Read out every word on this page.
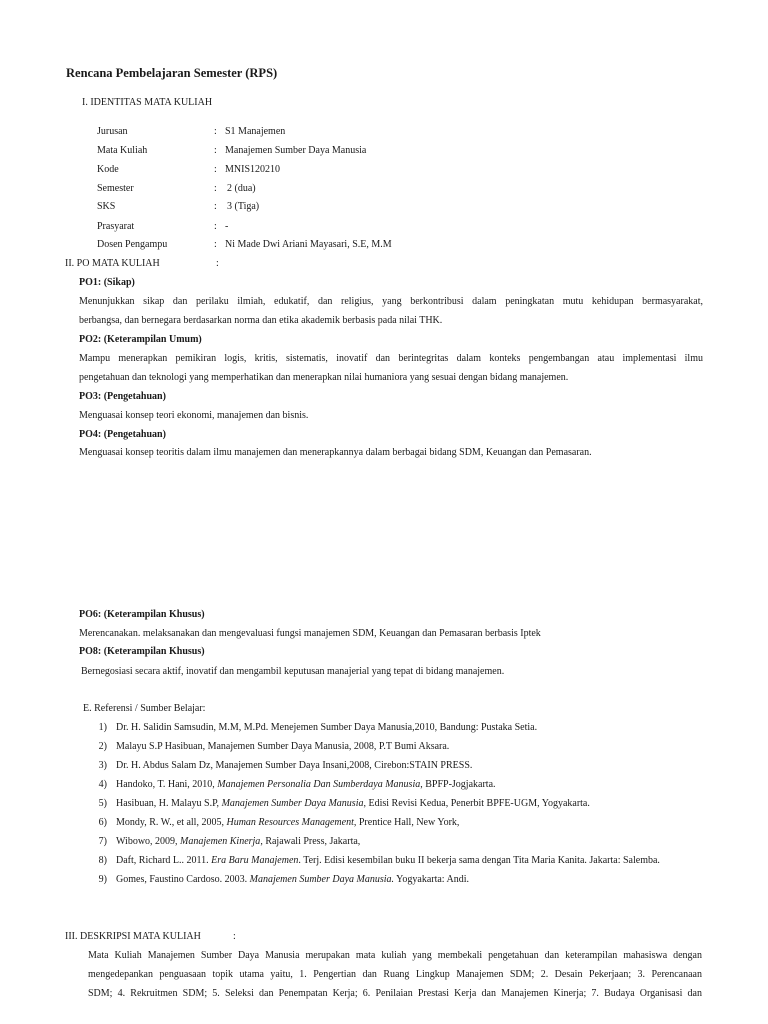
Rencana Pembelajaran Semester (RPS)
I. IDENTITAS MATA KULIAH
Jurusan	: S1 Manajemen
Mata Kuliah	: Manajemen Sumber Daya Manusia
Kode	: MNIS120210
Semester	: 2 (dua)
SKS	: 3 (Tiga)
Prasyarat	: -
Dosen Pengampu	: Ni Made Dwi Ariani Mayasari, S.E, M.M
II. PO MATA KULIAH	:
PO1: (Sikap)
Menunjukkan sikap dan perilaku ilmiah, edukatif, dan religius, yang berkontribusi dalam peningkatan mutu kehidupan bermasyarakat,
berbangsa, dan bernegara berdasarkan norma dan etika akademik berbasis pada nilai THK.
PO2: (Keterampilan Umum)
Mampu menerapkan pemikiran logis, kritis, sistematis, inovatif dan berintegritas dalam konteks pengembangan atau implementasi ilmu
pengetahuan dan teknologi yang memperhatikan dan menerapkan nilai humaniora yang sesuai dengan bidang manajemen.
PO3: (Pengetahuan)
Menguasai konsep teori ekonomi, manajemen dan bisnis.
PO4: (Pengetahuan)
Menguasai konsep teoritis dalam ilmu manajemen dan menerapkannya dalam berbagai bidang SDM, Keuangan dan Pemasaran.
PO6: (Keterampilan Khusus)
Merencanakan. melaksanakan dan mengevaluasi fungsi manajemen SDM, Keuangan dan Pemasaran berbasis Iptek
PO8: (Keterampilan Khusus)
Bernegosiasi secara aktif, inovatif dan mengambil keputusan manajerial yang tepat di bidang manajemen.
E. Referensi / Sumber Belajar:
1) Dr. H. Salidin Samsudin, M.M, M.Pd. Menejemen Sumber Daya Manusia,2010, Bandung: Pustaka Setia.
2) Malayu S.P Hasibuan, Manajemen Sumber Daya Manusia, 2008, P.T Bumi Aksara.
3) Dr. H. Abdus Salam Dz, Manajemen Sumber Daya Insani,2008, Cirebon:STAIN PRESS.
4) Handoko, T. Hani, 2010, Manajemen Personalia Dan Sumberdaya Manusia, BPFP-Jogjakarta.
5) Hasibuan, H. Malayu S.P, Manajemen Sumber Daya Manusia, Edisi Revisi Kedua, Penerbit BPFE-UGM, Yogyakarta.
6) Mondy, R. W., et all, 2005, Human Resources Management, Prentice Hall, New York,
7) Wibowo, 2009, Manajemen Kinerja, Rajawali Press, Jakarta,
8) Daft, Richard L.. 2011. Era Baru Manajemen. Terj. Edisi kesembilan buku II bekerja sama dengan Tita Maria Kanita. Jakarta: Salemba.
9) Gomes, Faustino Cardoso. 2003. Manajemen Sumber Daya Manusia. Yogyakarta: Andi.
III. DESKRIPSI MATA KULIAH	:
Mata Kuliah Manajemen Sumber Daya Manusia merupakan mata kuliah yang membekali pengetahuan dan keterampilan mahasiswa dengan
mengedepankan penguasaan topik utama yaitu, 1. Pengertian dan Ruang Lingkup Manajemen SDM; 2. Desain Pekerjaan; 3. Perencanaan
SDM; 4. Rekruitmen SDM; 5. Seleksi dan Penempatan Kerja; 6. Penilaian Prestasi Kerja dan Manajemen Kinerja; 7. Budaya Organisasi dan
